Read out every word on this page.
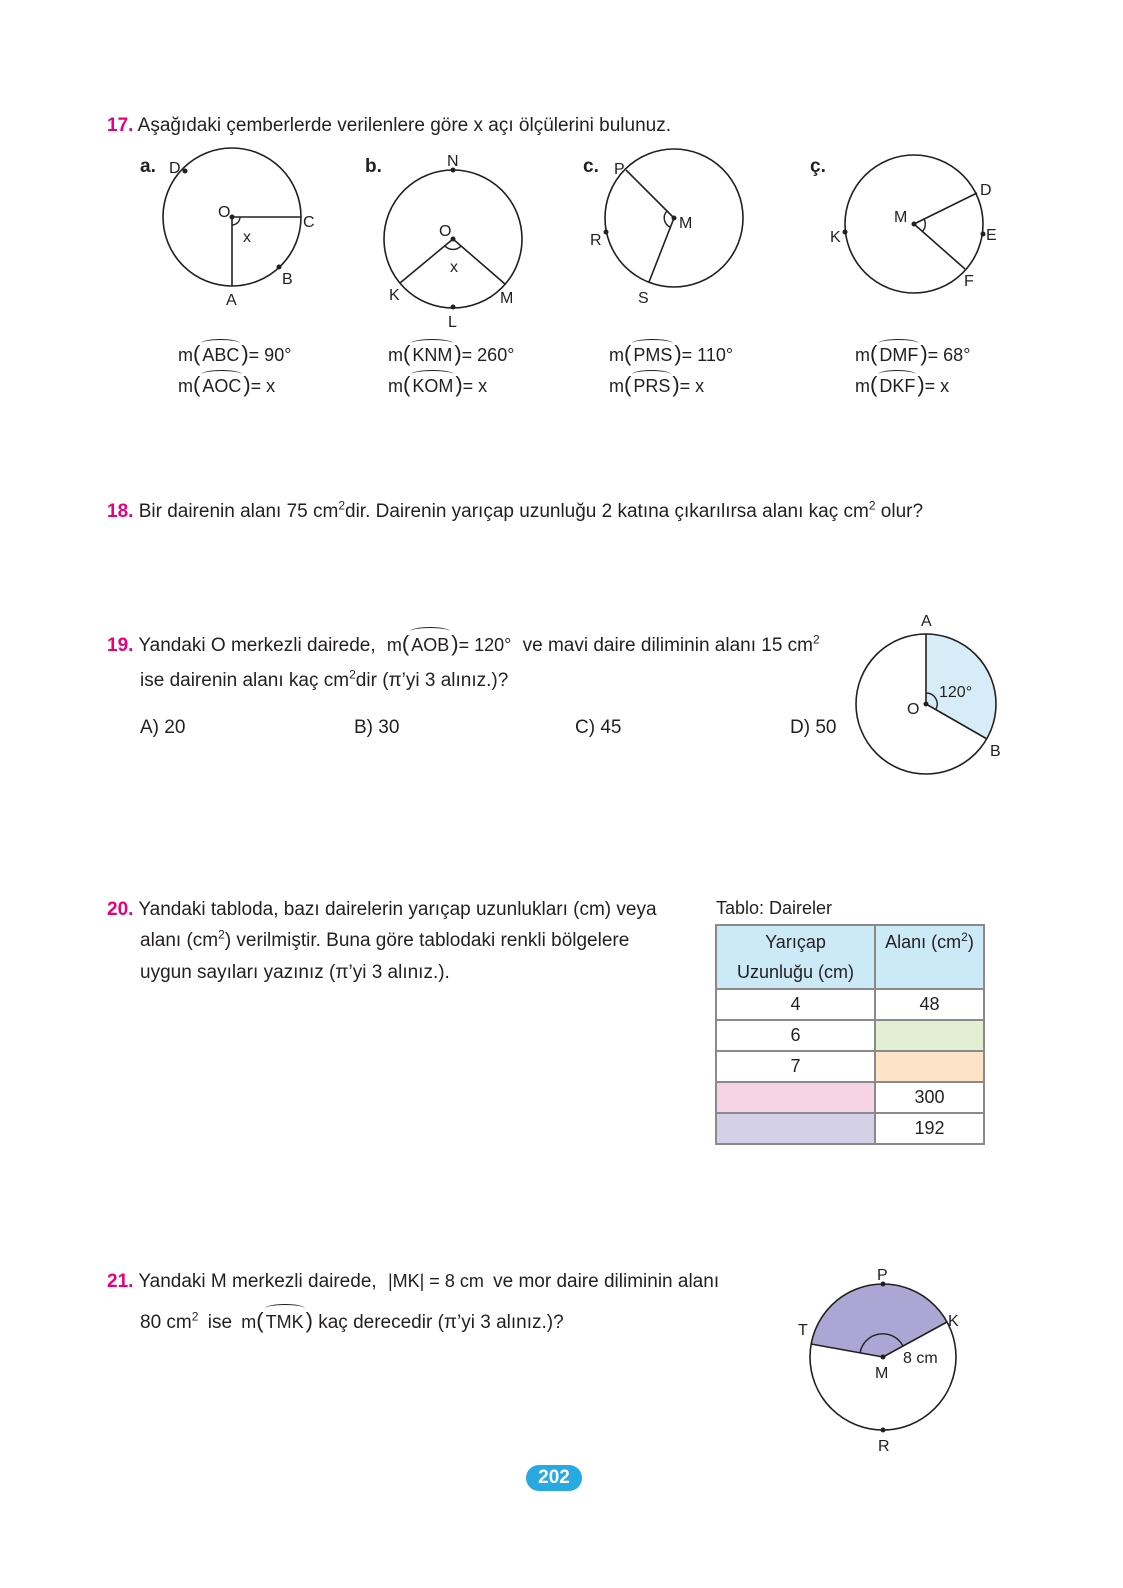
17. Aşağıdaki çemberlerde verilenlere göre x açı ölçülerini bulunuz.
a. D
O
C
x
B
A
m( ABC)= 90°
m( AOC)= x
b.	N
O
x
K	M
L
m( KNM)= 260°
m( KOM)= x
c. P
M
R
S
m( PMS)= 110°
m( PRS)= x
ç.
D
M
K	E
F
m( DMF)= 68°
m( DKF)= x
18. Bir dairenin alanı 75 $cm^2dir$. Dairenin yarıçap uzunluğu 2 katına çıkarılırsa alanı kaç $cm^2$ olur?
19. Yandaki O merkezli dairede, m( AOB)= 120° ve mavi daire diliminin alanı 15 $cm^2$
ise dairenin alanı kaç $cm^2dir$ (π’yi 3 alınız.)?
A) 20	B) 30	C) 45	D) 50
A
O
120°
B
20. Yandaki tabloda, bazı dairelerin yarıçap uzunlukları (cm) veya
alanı $(cm^2)$ verilmiştir. Buna göre tablodaki renkli bölgelere
uygun sayıları yazınız (π’yi 3 alınız.).
Tablo: Daireler
Yarıçap
Uzunluğu (cm)	Alanı $(cm^2)$
4	48
6	
7	
	300
	192
21. Yandaki M merkezli dairede, |MK| = 8 cm ve mor daire diliminin alanı
80 $cm^2$ ise m( TMK) kaç derecedir (π’yi 3 alınız.)?
P
T
K
8 cm
M
R
202
